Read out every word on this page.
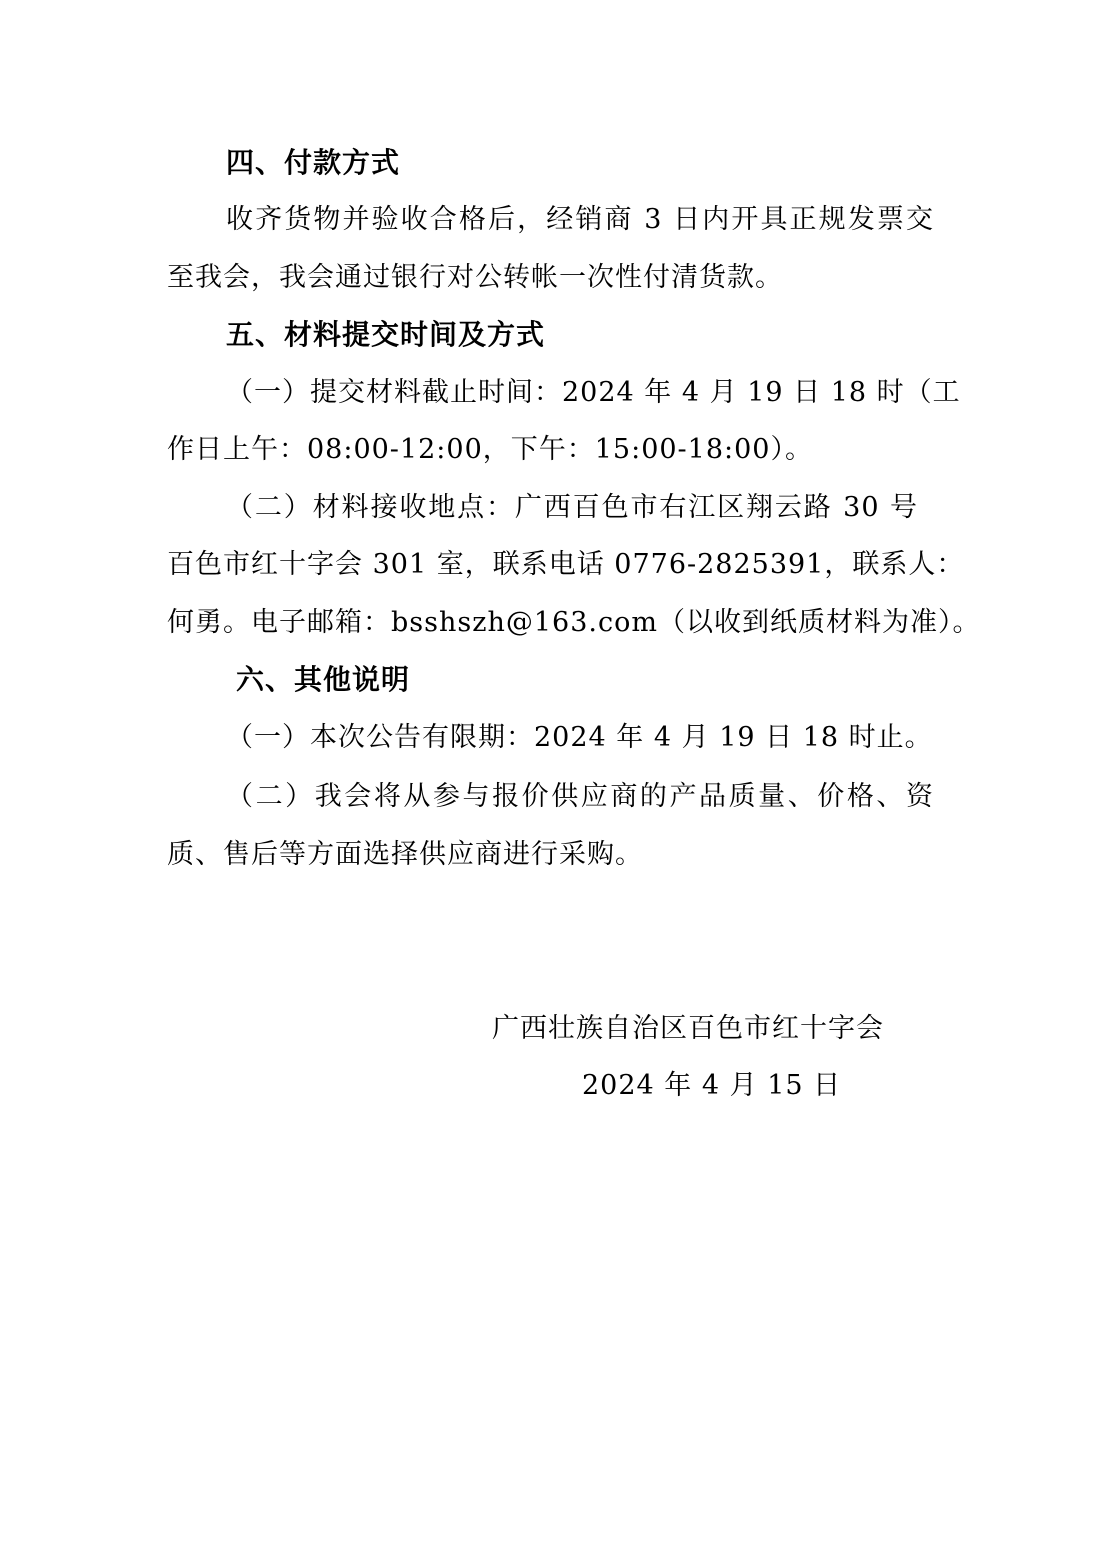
四、付款方式
收齐货物并验收合格后，经销商 3 日内开具正规发票交
至我会，我会通过银行对公转帐一次性付清货款。
五、材料提交时间及方式
（一）提交材料截止时间：2024 年 4 月 19 日 18 时（工
作日上午：08:00-12:00，下午：15:00-18:00）。
（二）材料接收地点：广西百色市右江区翔云路 30 号
百色市红十字会 301 室，联系电话 0776-2825391，联系人：
何勇。电子邮箱：bsshszh@163.com（以收到纸质材料为准）。
六、其他说明
（一）本次公告有限期：2024 年 4 月 19 日 18 时止。
（二）我会将从参与报价供应商的产品质量、价格、资
质、售后等方面选择供应商进行采购。
广西壮族自治区百色市红十字会
2024 年 4 月 15 日
